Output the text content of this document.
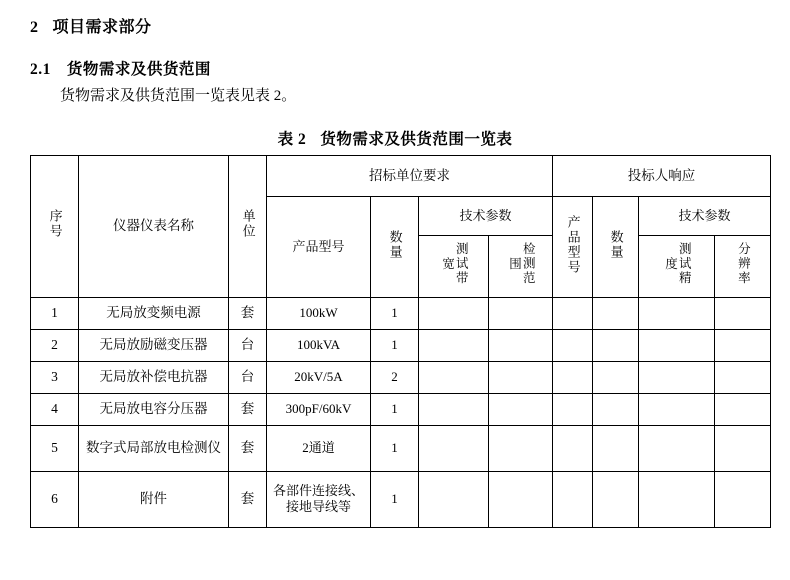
2 项目需求部分
2.1 货物需求及供货范围
货物需求及供货范围一览表见表 2。
表 2 货物需求及供货范围一览表
序号	仪器仪表名称	单位	招标单位要求				投标人响应			
			产品型号	数量	技术参数		产品型号	数量	技术参数	
					测试带宽	检测范围			测试精度	分辨率
1	无局放变频电源	套	100kW	1						
2	无局放励磁变压器	台	100kVA	1						
3	无局放补偿电抗器	台	20kV/5A	2						
4	无局放电容分压器	套	300pF/60kV	1						
5	数字式局部放电检测仪	套	2通道	1						
6	附件	套	各部件连接线、接地导线等	1						
